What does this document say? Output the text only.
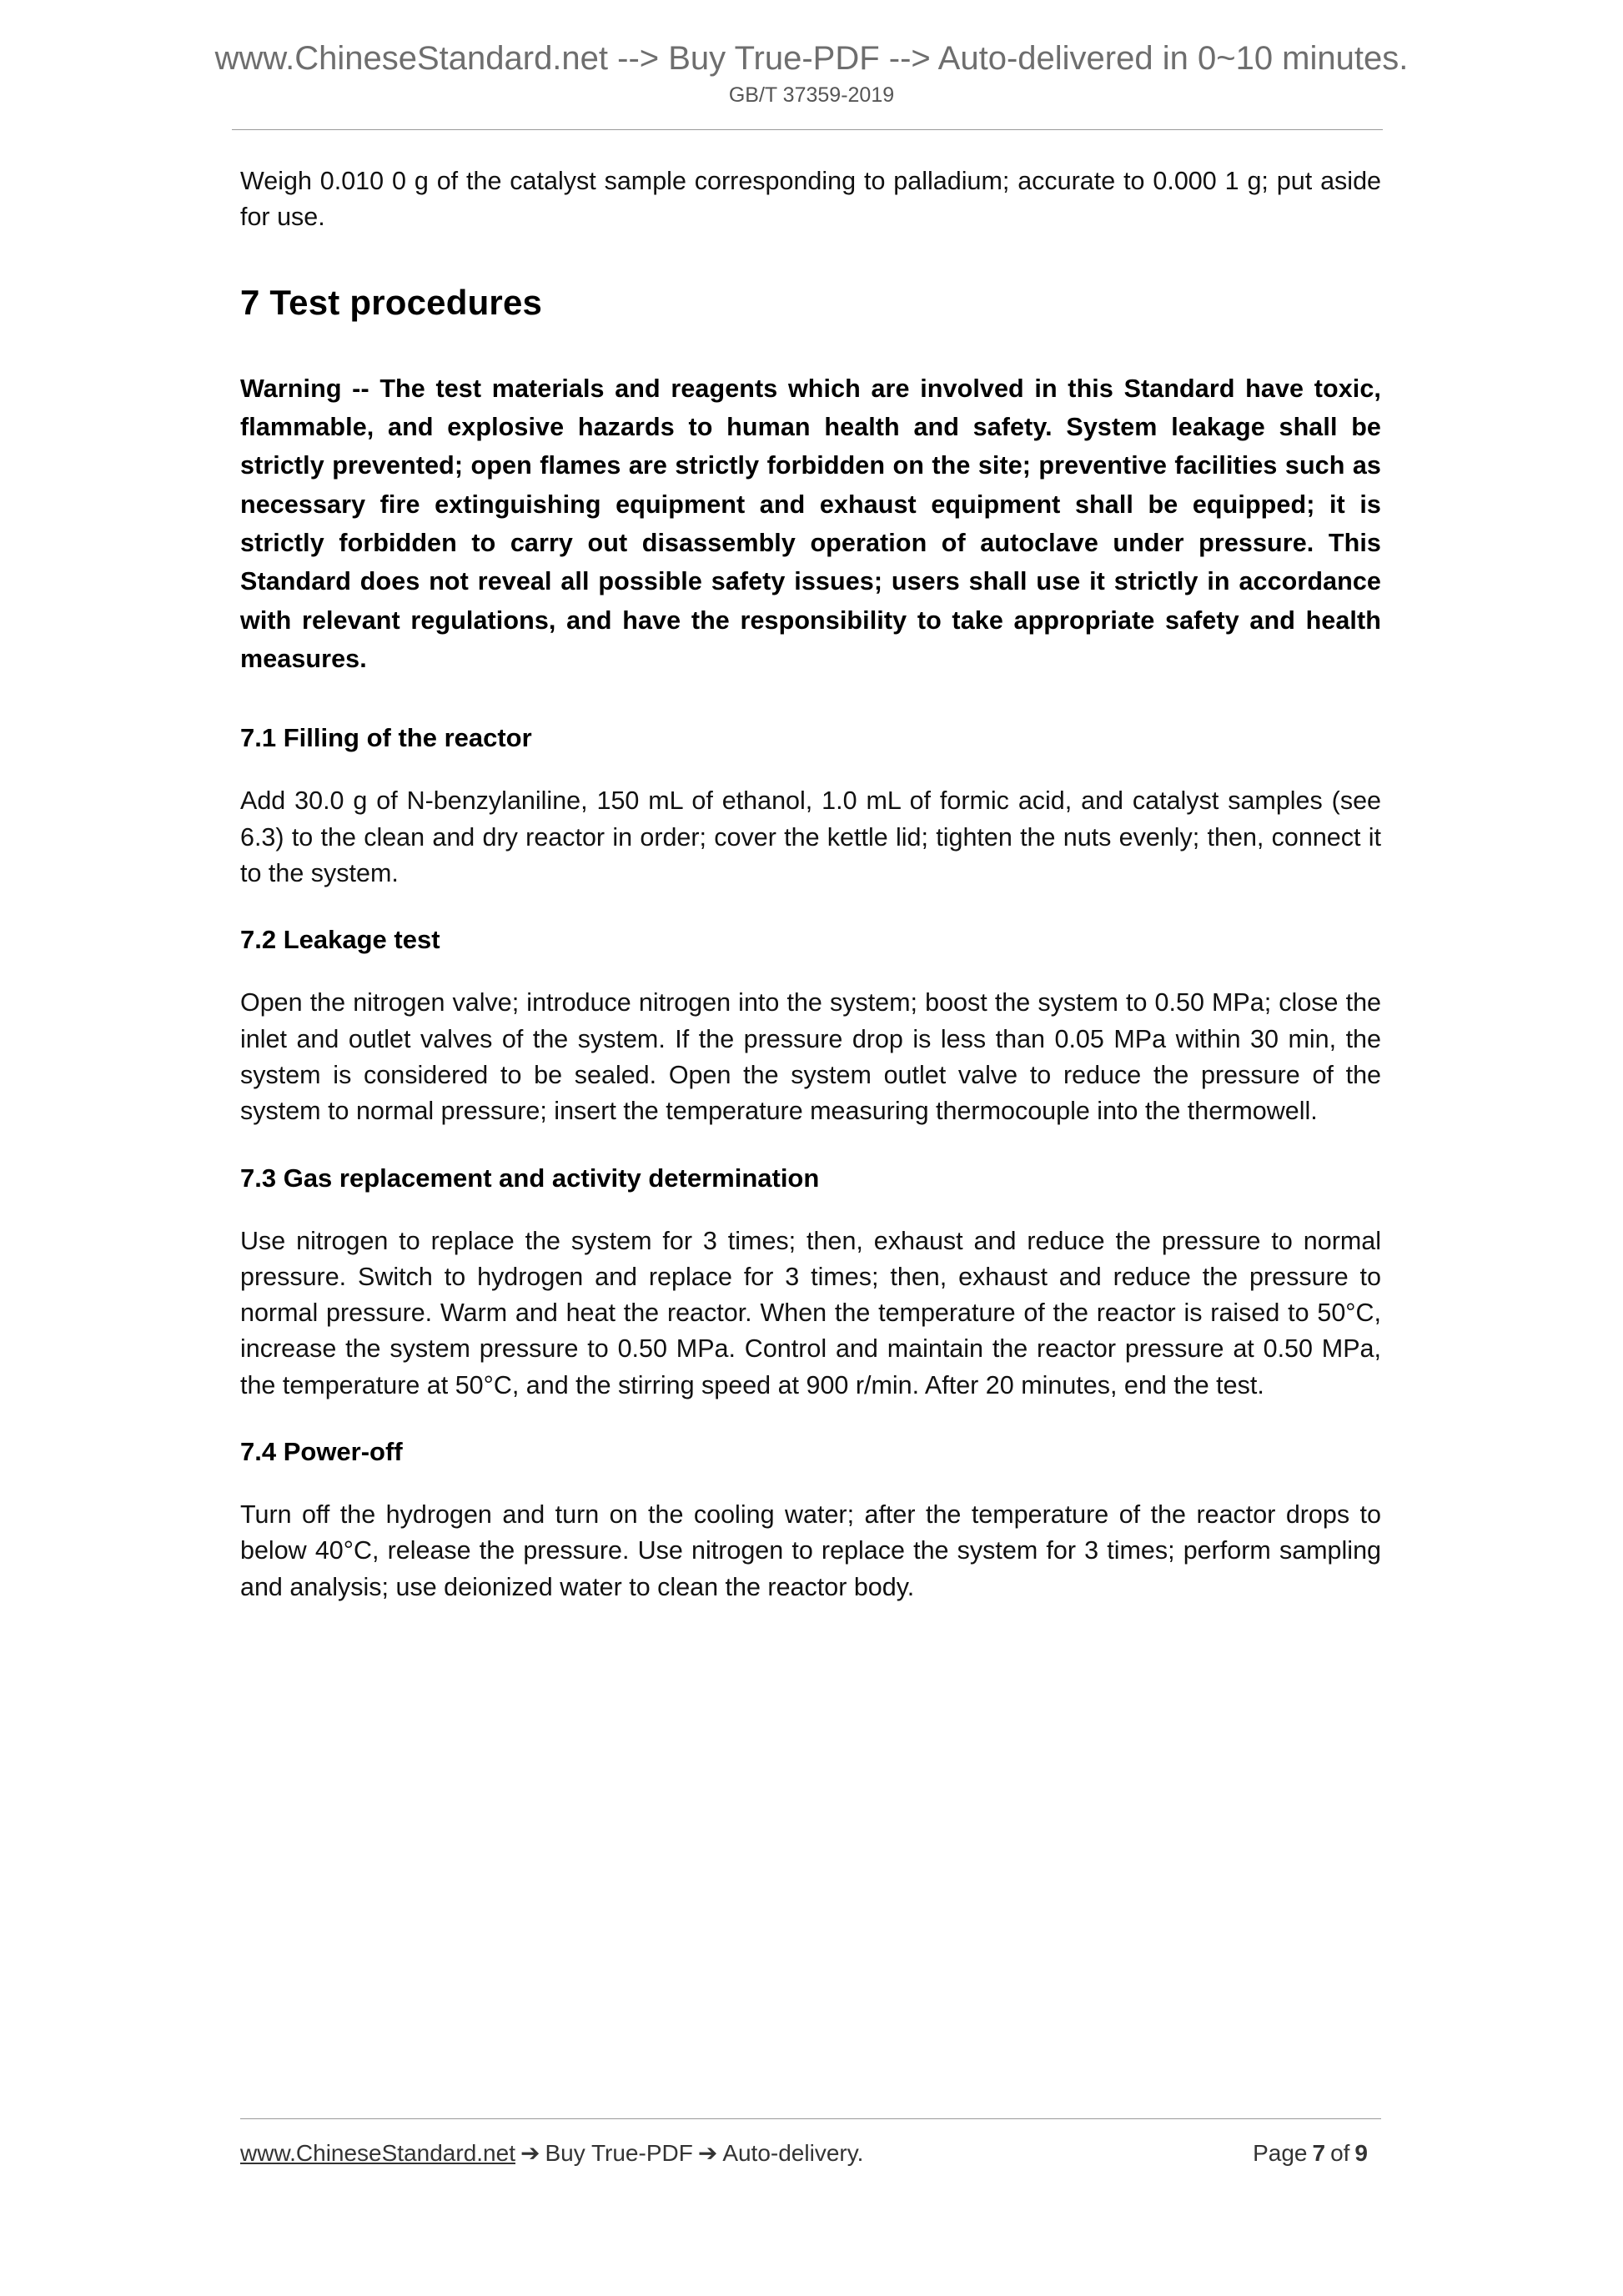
www.ChineseStandard.net --> Buy True-PDF --> Auto-delivered in 0~10 minutes.
GB/T 37359-2019

Weigh 0.010 0 g of the catalyst sample corresponding to palladium; accurate to 0.000 1 g; put aside for use.

7 Test procedures

Warning -- The test materials and reagents which are involved in this Standard have toxic, flammable, and explosive hazards to human health and safety. System leakage shall be strictly prevented; open flames are strictly forbidden on the site; preventive facilities such as necessary fire extinguishing equipment and exhaust equipment shall be equipped; it is strictly forbidden to carry out disassembly operation of autoclave under pressure. This Standard does not reveal all possible safety issues; users shall use it strictly in accordance with relevant regulations, and have the responsibility to take appropriate safety and health measures.

7.1 Filling of the reactor

Add 30.0 g of N-benzylaniline, 150 mL of ethanol, 1.0 mL of formic acid, and catalyst samples (see 6.3) to the clean and dry reactor in order; cover the kettle lid; tighten the nuts evenly; then, connect it to the system.

7.2 Leakage test

Open the nitrogen valve; introduce nitrogen into the system; boost the system to 0.50 MPa; close the inlet and outlet valves of the system. If the pressure drop is less than 0.05 MPa within 30 min, the system is considered to be sealed. Open the system outlet valve to reduce the pressure of the system to normal pressure; insert the temperature measuring thermocouple into the thermowell.

7.3 Gas replacement and activity determination

Use nitrogen to replace the system for 3 times; then, exhaust and reduce the pressure to normal pressure. Switch to hydrogen and replace for 3 times; then, exhaust and reduce the pressure to normal pressure. Warm and heat the reactor. When the temperature of the reactor is raised to 50°C, increase the system pressure to 0.50 MPa. Control and maintain the reactor pressure at 0.50 MPa, the temperature at 50°C, and the stirring speed at 900 r/min. After 20 minutes, end the test.

7.4 Power-off

Turn off the hydrogen and turn on the cooling water; after the temperature of the reactor drops to below 40°C, release the pressure. Use nitrogen to replace the system for 3 times; perform sampling and analysis; use deionized water to clean the reactor body.

www.ChineseStandard.net ➔ Buy True-PDF ➔ Auto-delivery.	Page 7 of 9
